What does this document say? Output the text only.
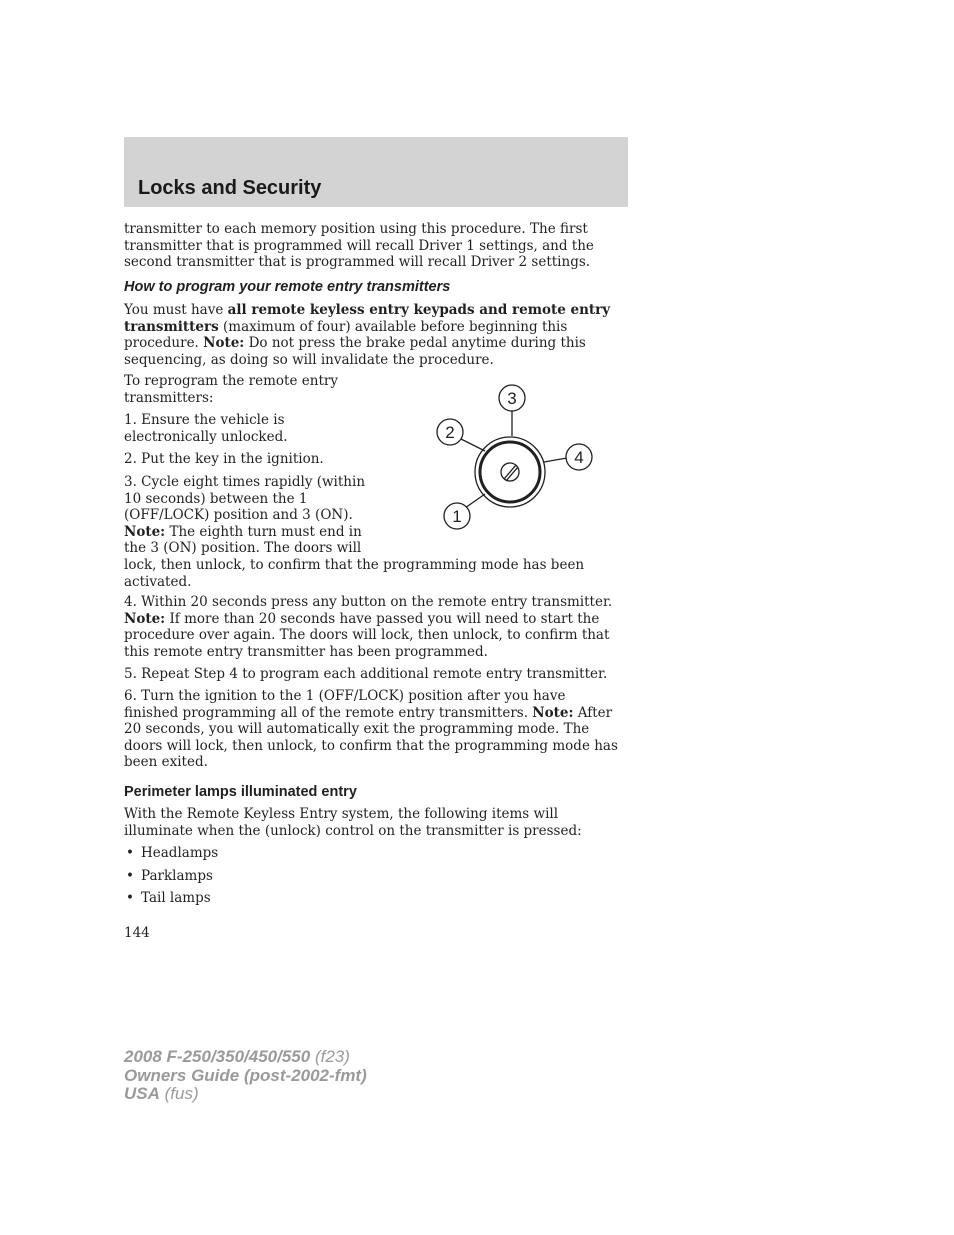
Locks and Security

transmitter to each memory position using this procedure. The first transmitter that is programmed will recall Driver 1 settings, and the second transmitter that is programmed will recall Driver 2 settings.

How to program your remote entry transmitters

You must have all remote keyless entry keypads and remote entry transmitters (maximum of four) available before beginning this procedure. Note: Do not press the brake pedal anytime during this sequencing, as doing so will invalidate the procedure.

To reprogram the remote entry transmitters:

1. Ensure the vehicle is electronically unlocked.

2. Put the key in the ignition.

3. Cycle eight times rapidly (within
10 seconds) between the 1
(OFF/LOCK) position and 3 (ON).
Note: The eighth turn must end in
the 3 (ON) position. The doors will
lock, then unlock, to confirm that the programming mode has been activated.

4. Within 20 seconds press any button on the remote entry transmitter. Note: If more than 20 seconds have passed you will need to start the procedure over again. The doors will lock, then unlock, to confirm that this remote entry transmitter has been programmed.

5. Repeat Step 4 to program each additional remote entry transmitter.

6. Turn the ignition to the 1 (OFF/LOCK) position after you have finished programming all of the remote entry transmitters. Note: After 20 seconds, you will automatically exit the programming mode. The doors will lock, then unlock, to confirm that the programming mode has been exited.

3
2
4
1
Perimeter lamps illuminated entry

With the Remote Keyless Entry system, the following items will illuminate when the (unlock) control on the transmitter is pressed:

• Headlamps
• Parklamps
• Tail lamps
144
2008 F-250/350/450/550 (f23)
Owners Guide (post-2002-fmt)
USA (fus)
